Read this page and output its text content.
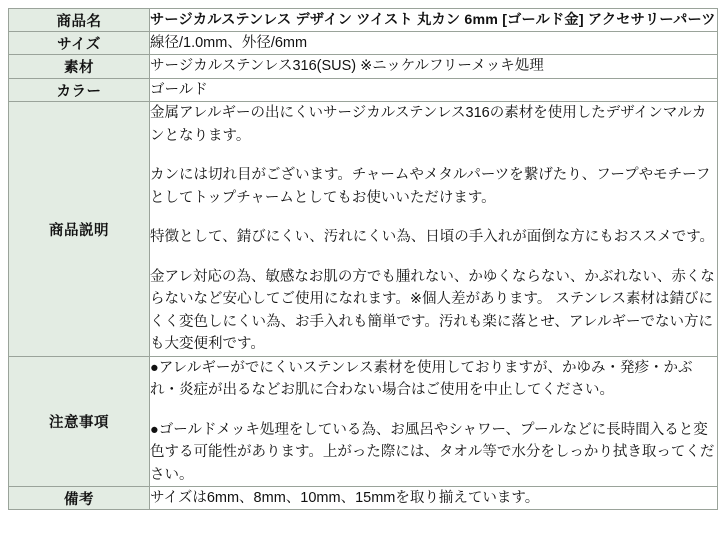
商品名	サージカルステンレス デザイン ツイスト 丸カン 6mm [ゴールド金] アクセサリーパーツ
サイズ	線径/1.0mm、外径/6mm
素材	サージカルステンレス316(SUS) ※ニッケルフリーメッキ処理
カラー	ゴールド
商品説明	金属アレルギーの出にくいサージカルステンレス316の素材を使用したデザインマルカンとなります。

カンには切れ目がございます。チャームやメタルパーツを繋げたり、フープやモチーフとしてトップチャームとしてもお使いいただけます。

特徴として、錆びにくい、汚れにくい為、日頃の手入れが面倒な方にもおススメです。

金アレ対応の為、敏感なお肌の方でも腫れない、かゆくならない、かぶれない、赤くならないなど安心してご使用になれます。※個人差があります。 ステンレス素材は錆びにくく変色しにくい為、お手入れも簡単です。汚れも楽に落とせ、アレルギーでない方にも大変便利です。

注意事項	●アレルギーがでにくいステンレス素材を使用しておりますが、かゆみ・発疹・かぶれ・炎症が出るなどお肌に合わない場合はご使用を中止してください。

●ゴールドメッキ処理をしている為、お風呂やシャワー、プールなどに長時間入ると変色する可能性があります。上がった際には、タオル等で水分をしっかり拭き取ってください。

備考	サイズは6mm、8mm、10mm、15mmを取り揃えています。
